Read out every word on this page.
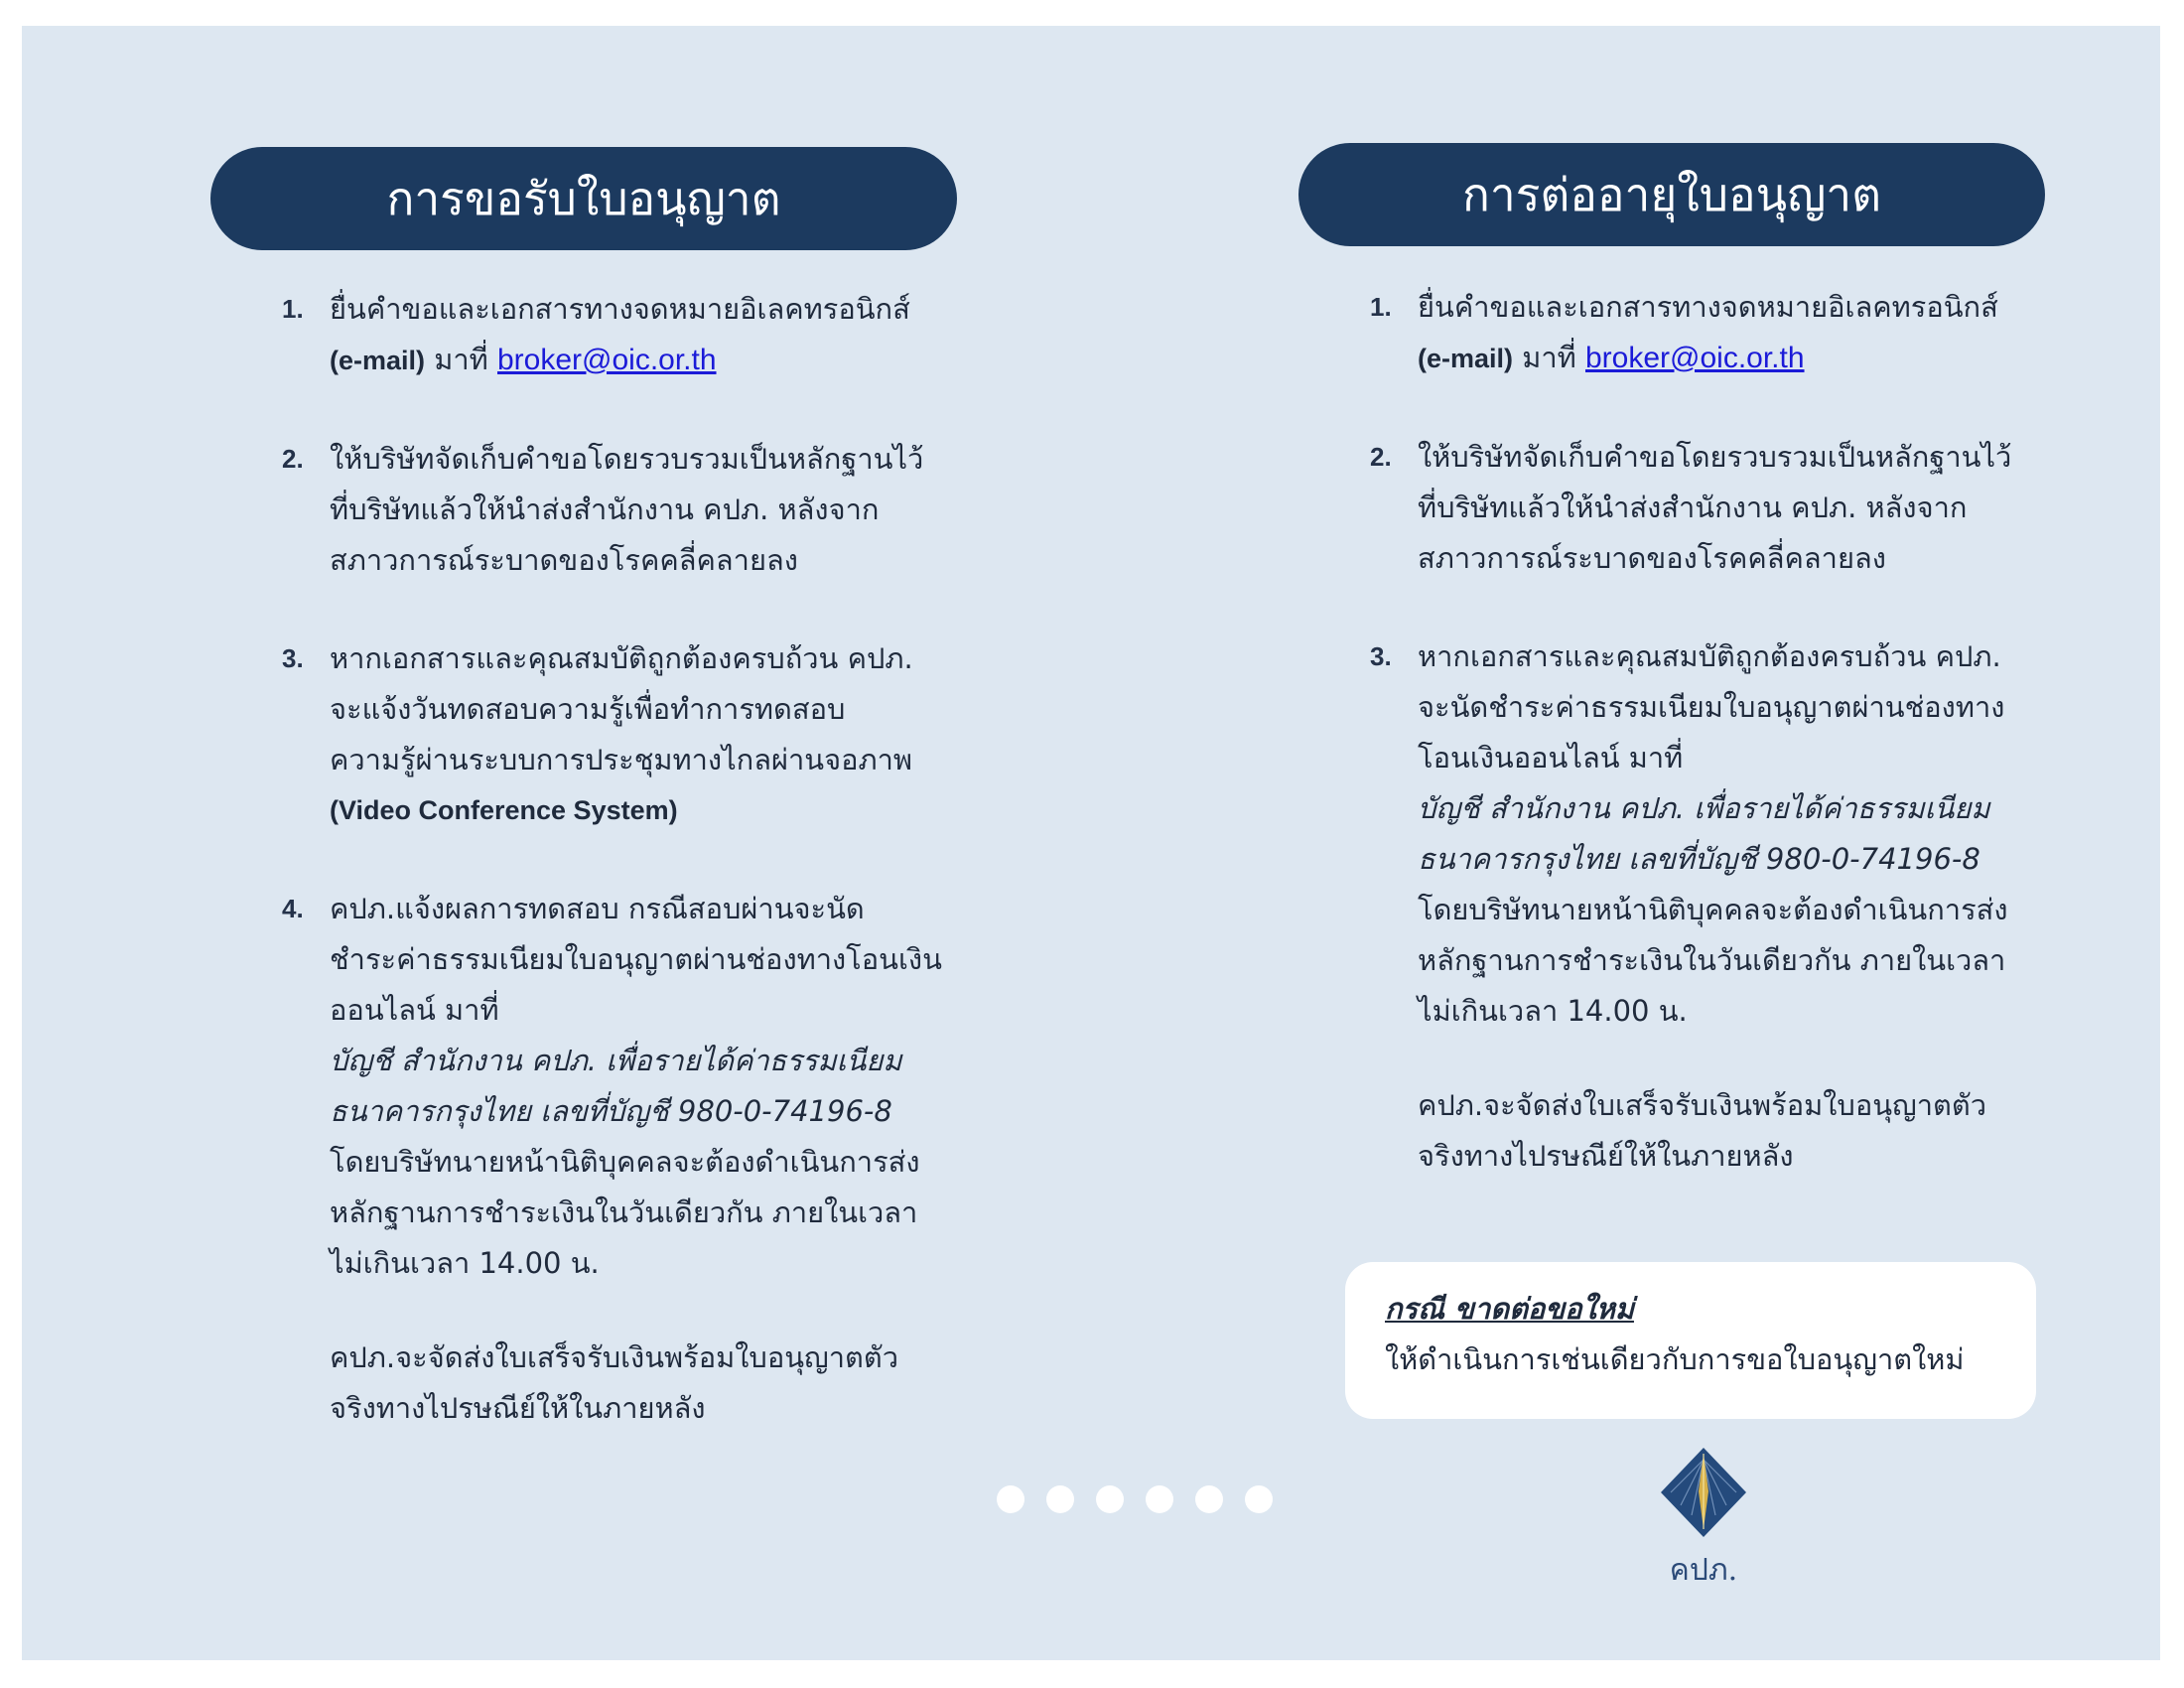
การขอรับใบอนุญาต
1. ยื่นคำขอและเอกสารทางจดหมายอิเลคทรอนิกส์
(e-mail) มาที่ broker@oic.or.th
2. ให้บริษัทจัดเก็บคำขอโดยรวบรวมเป็นหลักฐานไว้
ที่บริษัทแล้วให้นำส่งสำนักงาน คปภ. หลังจาก
สภาวการณ์ระบาดของโรคคลี่คลายลง
3. หากเอกสารและคุณสมบัติถูกต้องครบถ้วน คปภ.
จะแจ้งวันทดสอบความรู้เพื่อทำการทดสอบ
ความรู้ผ่านระบบการประชุมทางไกลผ่านจอภาพ
(Video Conference System)
4. คปภ.แจ้งผลการทดสอบ กรณีสอบผ่านจะนัด
ชำระค่าธรรมเนียมใบอนุญาตผ่านช่องทางโอนเงิน
ออนไลน์ มาที่
บัญชี สำนักงาน คปภ. เพื่อรายได้ค่าธรรมเนียม
ธนาคารกรุงไทย เลขที่บัญชี 980-0-74196-8
โดยบริษัทนายหน้านิติบุคคลจะต้องดำเนินการส่ง
หลักฐานการชำระเงินในวันเดียวกัน ภายในเวลา
ไม่เกินเวลา 14.00 น.
คปภ.จะจัดส่งใบเสร็จรับเงินพร้อมใบอนุญาตตัว
จริงทางไปรษณีย์ให้ในภายหลัง
การต่ออายุใบอนุญาต
1. ยื่นคำขอและเอกสารทางจดหมายอิเลคทรอนิกส์
(e-mail) มาที่ broker@oic.or.th
2. ให้บริษัทจัดเก็บคำขอโดยรวบรวมเป็นหลักฐานไว้
ที่บริษัทแล้วให้นำส่งสำนักงาน คปภ. หลังจาก
สภาวการณ์ระบาดของโรคคลี่คลายลง
3. หากเอกสารและคุณสมบัติถูกต้องครบถ้วน คปภ.
จะนัดชำระค่าธรรมเนียมใบอนุญาตผ่านช่องทาง
โอนเงินออนไลน์ มาที่
บัญชี สำนักงาน คปภ. เพื่อรายได้ค่าธรรมเนียม
ธนาคารกรุงไทย เลขที่บัญชี 980-0-74196-8
โดยบริษัทนายหน้านิติบุคคลจะต้องดำเนินการส่ง
หลักฐานการชำระเงินในวันเดียวกัน ภายในเวลา
ไม่เกินเวลา 14.00 น.
คปภ.จะจัดส่งใบเสร็จรับเงินพร้อมใบอนุญาตตัว
จริงทางไปรษณีย์ให้ในภายหลัง
กรณี ขาดต่อขอใหม่
ให้ดำเนินการเช่นเดียวกับการขอใบอนุญาตใหม่
คปภ.
